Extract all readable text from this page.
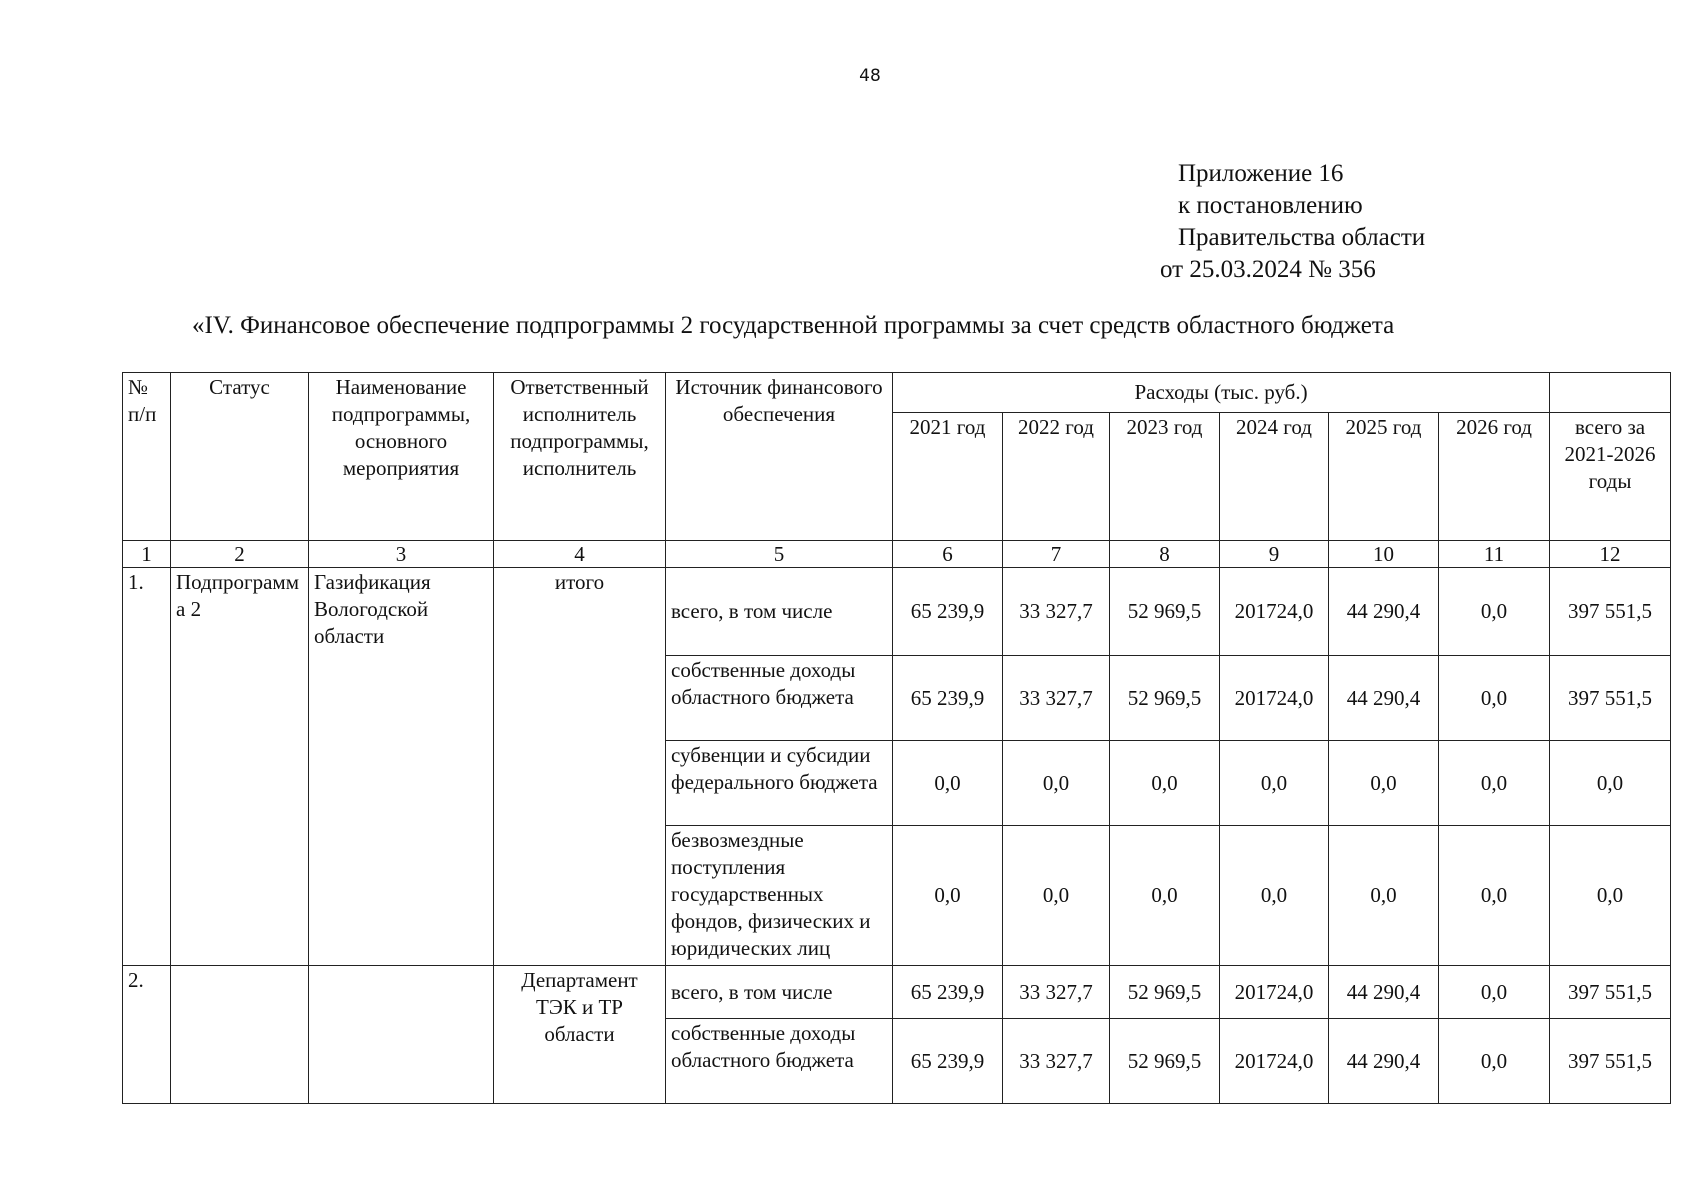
48
Приложение 16
к постановлению
Правительства области
от 25.03.2024 № 356
«IV. Финансовое обеспечение подпрограммы 2 государственной программы за счет средств областного бюджета
№ п/п	Статус	Наименование подпрограммы, основного мероприятия	Ответственный исполнитель подпрограммы, исполнитель	Источник финансового обеспечения	Расходы (тыс. руб.)						
					2021 год	2022 год	2023 год	2024 год	2025 год	2026 год	всего за 2021-2026 годы
1	2	3	4	5	6	7	8	9	10	11	12
1.	Подпрограмма 2	Газификация Вологодской области	итого	всего, в том числе	65 239,9	33 327,7	52 969,5	201724,0	44 290,4	0,0	397 551,5
				собственные доходы областного бюджета	65 239,9	33 327,7	52 969,5	201724,0	44 290,4	0,0	397 551,5
				субвенции и субсидии федерального бюджета	0,0	0,0	0,0	0,0	0,0	0,0	0,0
				безвозмездные поступления государственных фондов, физических и юридических лиц	0,0	0,0	0,0	0,0	0,0	0,0	0,0
2.			Департамент ТЭК и ТР области	всего, в том числе	65 239,9	33 327,7	52 969,5	201724,0	44 290,4	0,0	397 551,5
				собственные доходы областного бюджета	65 239,9	33 327,7	52 969,5	201724,0	44 290,4	0,0	397 551,5
